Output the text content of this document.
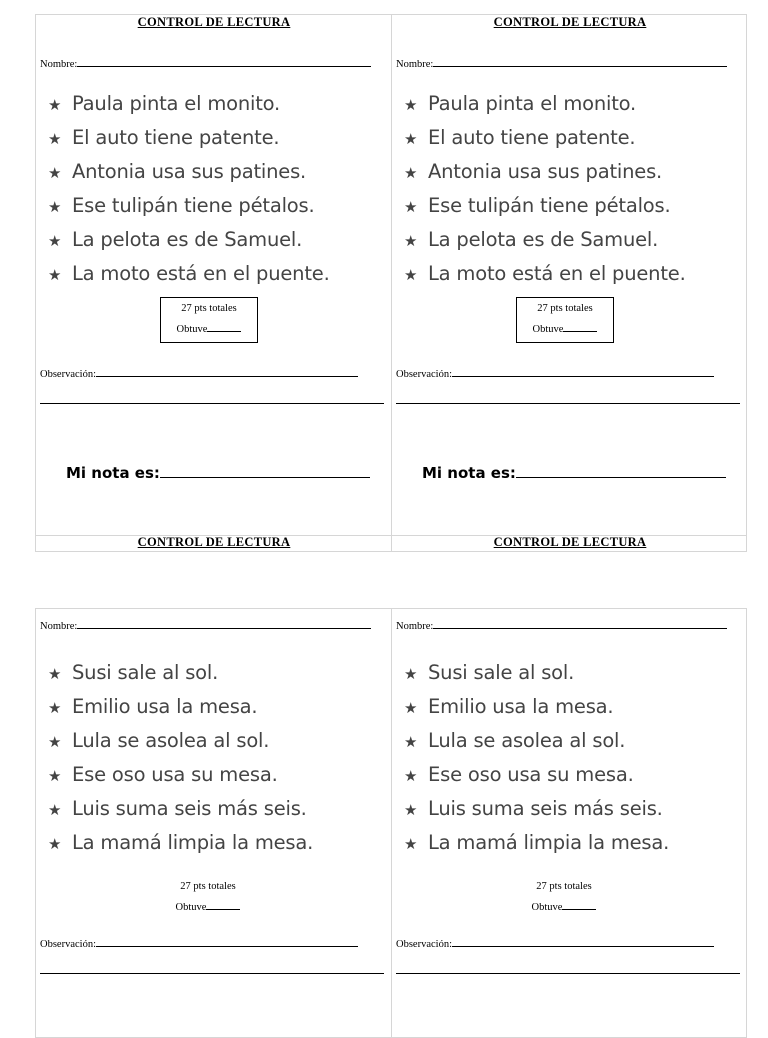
CONTROL DE LECTURA
Nombre:
★ Paula pinta el monito.
★ El auto tiene patente.
★ Antonia usa sus patines.
★ Ese tulipán tiene pétalos.
★ La pelota es de Samuel.
★ La moto está en el puente.
27 pts totales
Obtuve
Observación:
Mi nota es:
CONTROL DE LECTURA
CONTROL DE LECTURA
Nombre:
★ Paula pinta el monito.
★ El auto tiene patente.
★ Antonia usa sus patines.
★ Ese tulipán tiene pétalos.
★ La pelota es de Samuel.
★ La moto está en el puente.
27 pts totales
Obtuve
Observación:
Mi nota es:
CONTROL DE LECTURA
Nombre:
★ Susi sale al sol.
★ Emilio usa la mesa.
★ Lula se asolea al sol.
★ Ese oso usa su mesa.
★ Luis suma seis más seis.
★ La mamá limpia la mesa.
27 pts totales
Obtuve
Observación:
Nombre:
★ Susi sale al sol.
★ Emilio usa la mesa.
★ Lula se asolea al sol.
★ Ese oso usa su mesa.
★ Luis suma seis más seis.
★ La mamá limpia la mesa.
27 pts totales
Obtuve
Observación:
